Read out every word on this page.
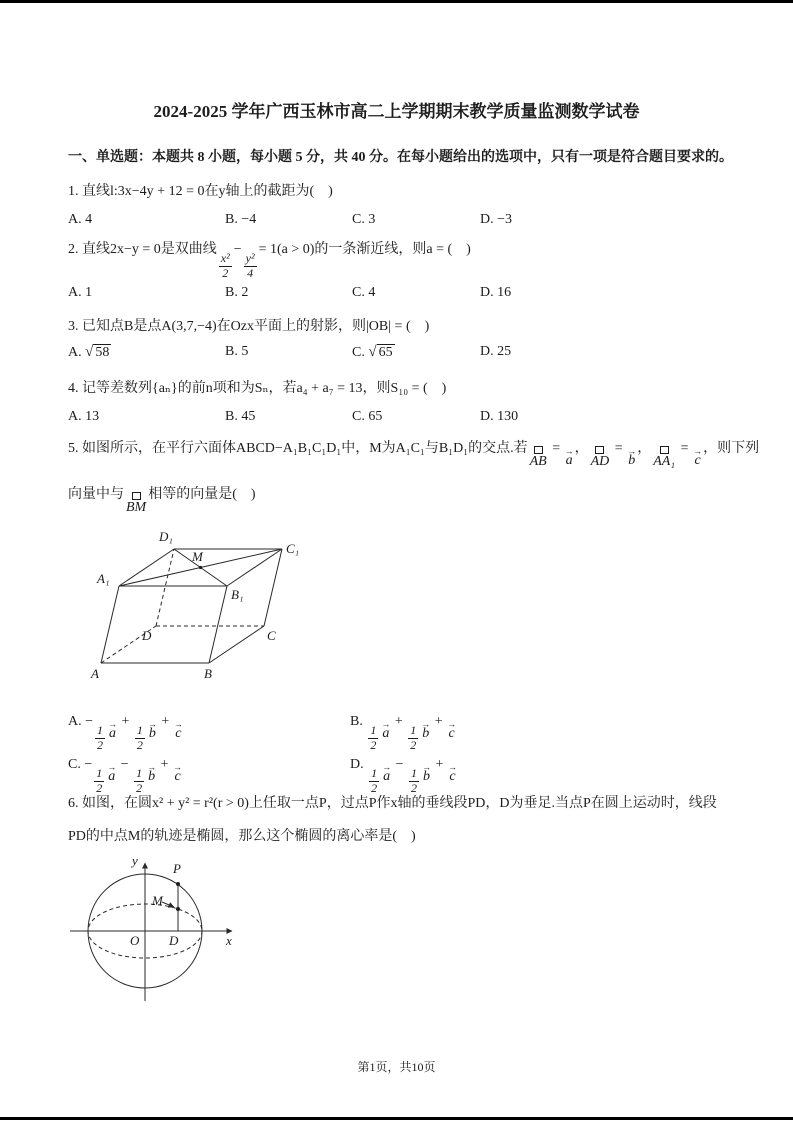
2024-2025 学年广西玉林市高二上学期期末教学质量监测数学试卷
一、单选题：本题共 8 小题，每小题 5 分，共 40 分。在每小题给出的选项中，只有一项是符合题目要求的。
1. 直线l:3x−4y + 12 = 0在y轴上的截距为(　)
A. 4	B. −4	C. 3	D. −3
2. 直线2x−y = 0是双曲线
$\frac{\text{x²}}{2}$
−
$\frac{\text{y²}}{4}$
= 1(a > 0)的一条渐近线，则a = (　)
A. 1	B. 2	C. 4	D. 16
3. 已知点B是点A(3,7,−4)在Ozx平面上的射影，则|OB| = (　)
A. √ 58	B. 5	C. √ 65	D. 25
4. 记等差数列{aₙ}的前n项和为Sₙ，若a₄ + a₇ = 13，则S₁₀ = (　)
A. 13	B. 45	C. 65	D. 130
5. 如图所示，在平行六面体ABCD−A₁B₁C₁D₁中，M为A₁C₁与B₁D₁的交点.若
AB
= →
a
，
AD
= →
b
，
AA₁
= →
c
，则下列
向量中与
BM
相等的向量是(　)
D₁
C₁
A₁
M
B₁
D	C
A	B
A. −
$\frac{1}{2}$ →
a
+
$\frac{1}{2}$ →
b
+ →
c
B.
$\frac{1}{2}$ →
a
+
$\frac{1}{2}$ →
b
+ →
c
C. −
$\frac{1}{2}$ →
a
−
$\frac{1}{2}$ →
b
+ →
c
D.
$\frac{1}{2}$ →
a
−
$\frac{1}{2}$ →
b
+ →
c
6. 如图，在圆x² + y² = r²(r > 0)上任取一点P，过点P作x轴的垂线段PD，D为垂足.当点P在圆上运动时，线段
PD的中点M的轨迹是椭圆，那么这个椭圆的离心率是(　)
y
x
P
M
O D
第1页，共10页
